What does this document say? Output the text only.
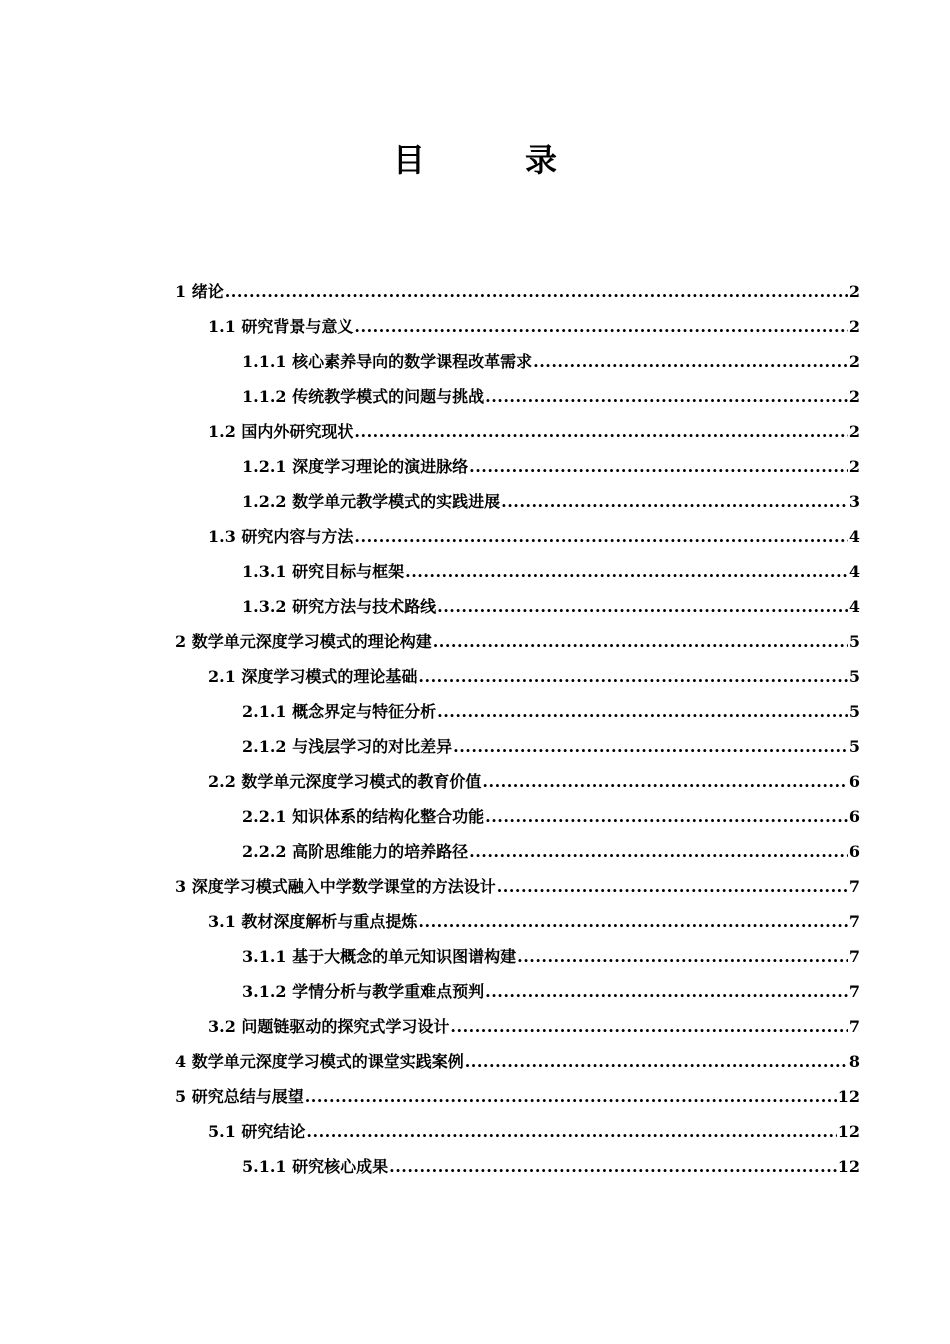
目　录
1 绪论 .....	2
1.1 研究背景与意义 .....	2
1.1.1 核心素养导向的数学课程改革需求 .....	2
1.1.2 传统教学模式的问题与挑战 .....	2
1.2 国内外研究现状 .....	2
1.2.1 深度学习理论的演进脉络 .....	2
1.2.2 数学单元教学模式的实践进展 .....	3
1.3 研究内容与方法 .....	4
1.3.1 研究目标与框架 .....	4
1.3.2 研究方法与技术路线 .....	4
2 数学单元深度学习模式的理论构建 .....	5
2.1 深度学习模式的理论基础 .....	5
2.1.1 概念界定与特征分析 .....	5
2.1.2 与浅层学习的对比差异 .....	5
2.2 数学单元深度学习模式的教育价值 .....	6
2.2.1 知识体系的结构化整合功能 .....	6
2.2.2 高阶思维能力的培养路径 .....	6
3 深度学习模式融入中学数学课堂的方法设计 .....	7
3.1 教材深度解析与重点提炼 .....	7
3.1.1 基于大概念的单元知识图谱构建 .....	7
3.1.2 学情分析与教学重难点预判 .....	7
3.2 问题链驱动的探究式学习设计 .....	7
4 数学单元深度学习模式的课堂实践案例 .....	8
5 研究总结与展望 .....	12
5.1 研究结论 .....	12
5.1.1 研究核心成果 .....	12
